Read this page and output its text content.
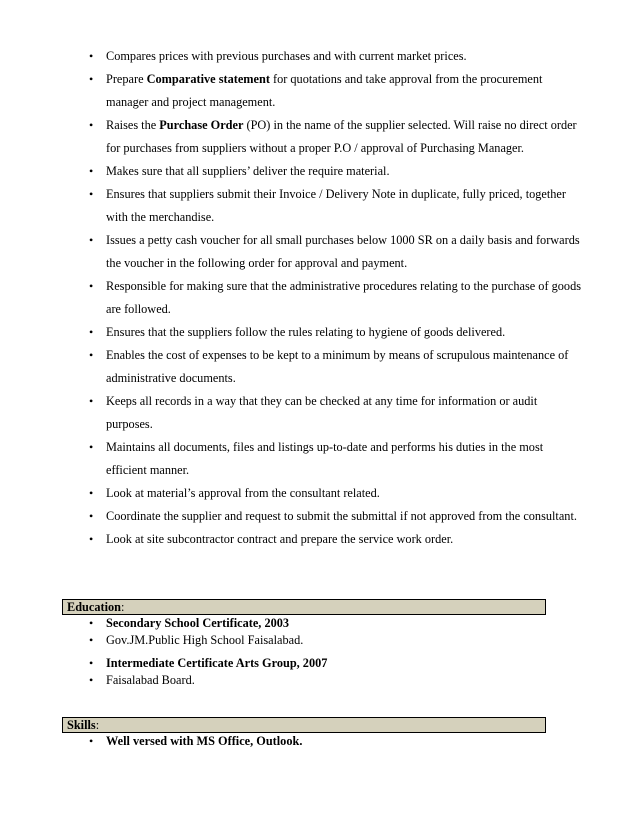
• Compares prices with previous purchases and with current market prices.
• Prepare Comparative statement for quotations and take approval from the procurement manager and project management.
• Raises the Purchase Order (PO) in the name of the supplier selected. Will raise no direct order for purchases from suppliers without a proper P.O / approval of Purchasing Manager.
• Makes sure that all suppliers’ deliver the require material.
• Ensures that suppliers submit their Invoice / Delivery Note in duplicate, fully priced, together with the merchandise.
• Issues a petty cash voucher for all small purchases below 1000 SR on a daily basis and forwards the voucher in the following order for approval and payment.
• Responsible for making sure that the administrative procedures relating to the purchase of goods are followed.
• Ensures that the suppliers follow the rules relating to hygiene of goods delivered.
• Enables the cost of expenses to be kept to a minimum by means of scrupulous maintenance of administrative documents.
• Keeps all records in a way that they can be checked at any time for information or audit purposes.
• Maintains all documents, files and listings up-to-date and performs his duties in the most efficient manner.
• Look at material’s approval from the consultant related.
• Coordinate the supplier and request to submit the submittal if not approved from the consultant.
• Look at site subcontractor contract and prepare the service work order.
Education:
• Secondary School Certificate, 2003
• Gov.JM.Public High School Faisalabad.
• Intermediate Certificate Arts Group, 2007
• Faisalabad Board.
Skills:
• Well versed with MS Office, Outlook.
